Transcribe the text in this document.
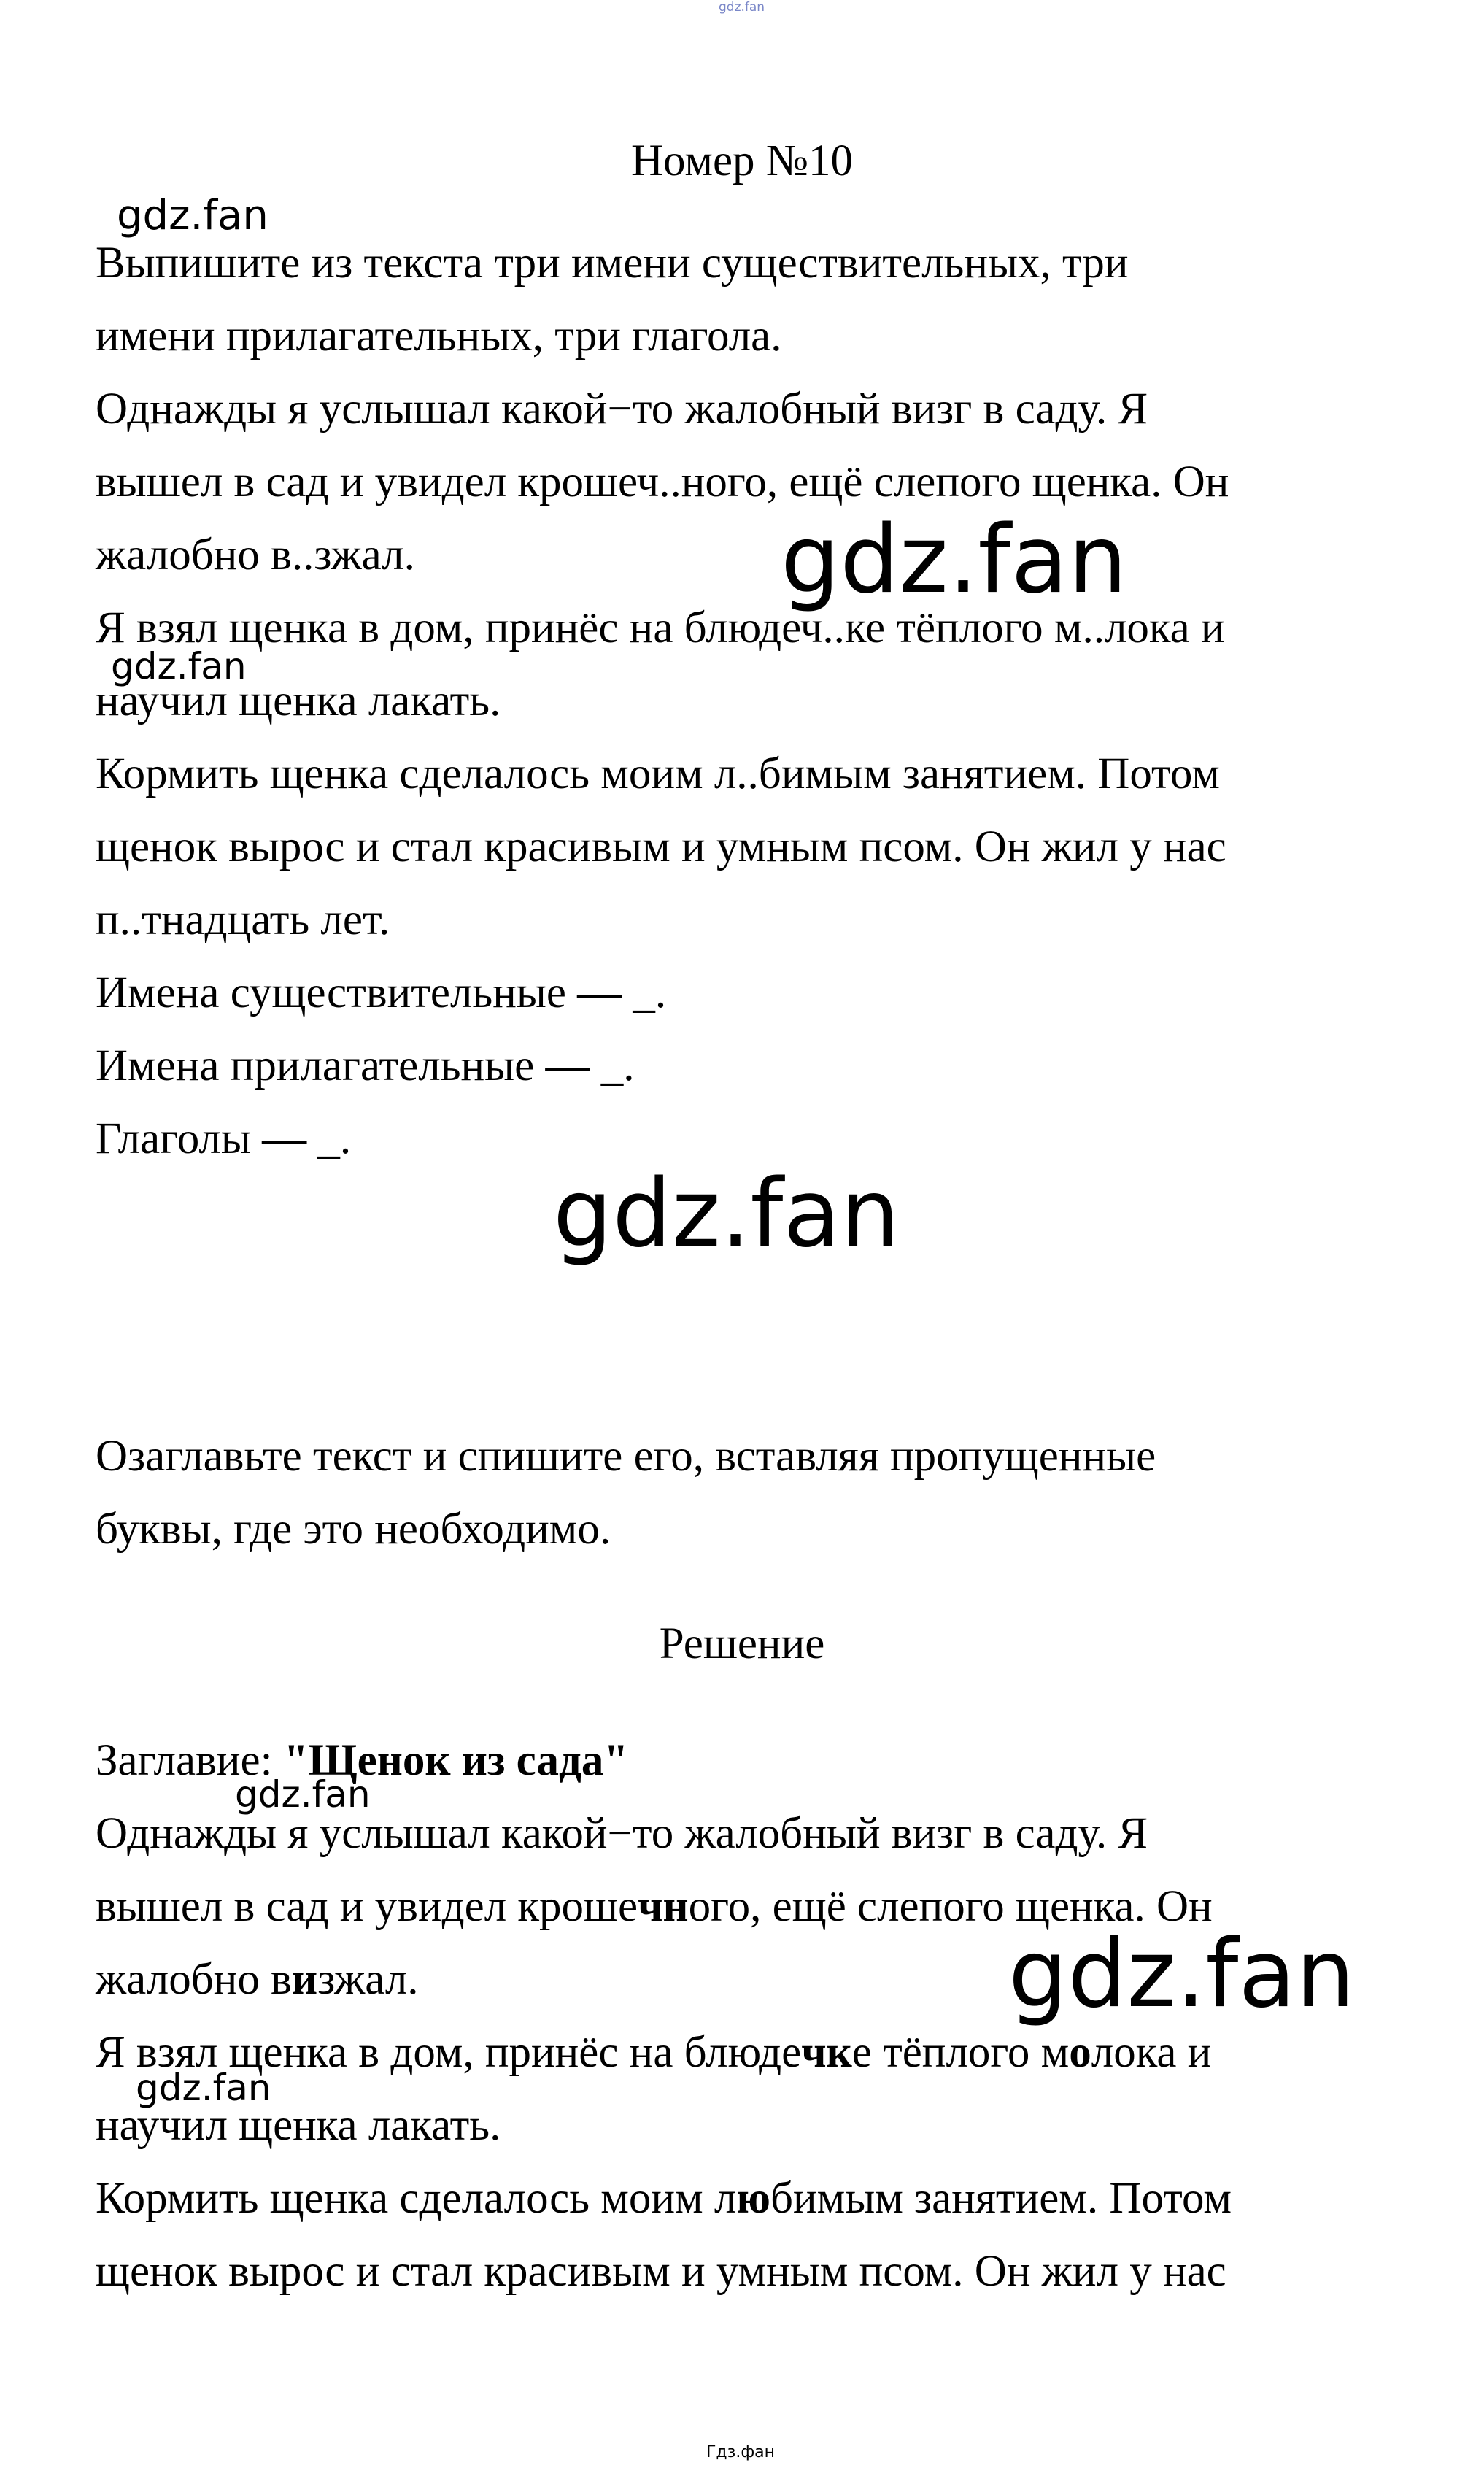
gdz.fan
Номер №10
Выпишите из текста три имени существительных, три
имени прилагательных, три глагола.
Однажды я услышал какой−то жалобный визг в саду. Я
вышел в сад и увидел крошеч..ного, ещё слепого щенка. Он
жалобно в..зжал.
Я взял щенка в дом, принёс на блюдеч..ке тёплого м..лока и
научил щенка лакать.
Кормить щенка сделалось моим л..бимым занятием. Потом
щенок вырос и стал красивым и умным псом. Он жил у нас
п..тнадцать лет.
Имена существительные — _.
Имена прилагательные — _.
Глаголы — _.
Озаглавьте текст и спишите его, вставляя пропущенные
буквы, где это необходимо.
Решение
Заглавие: "Щенок из сада"
Однажды я услышал какой−то жалобный визг в саду. Я
вышел в сад и увидел крошечного, ещё слепого щенка. Он
жалобно визжал.
Я взял щенка в дом, принёс на блюдечке тёплого молока и
научил щенка лакать.
Кормить щенка сделалось моим любимым занятием. Потом
щенок вырос и стал красивым и умным псом. Он жил у нас
gdz.fan
gdz.fan
gdz.fan
gdz.fan
gdz.fan
gdz.fan
gdz.fan
Гдз.фан
